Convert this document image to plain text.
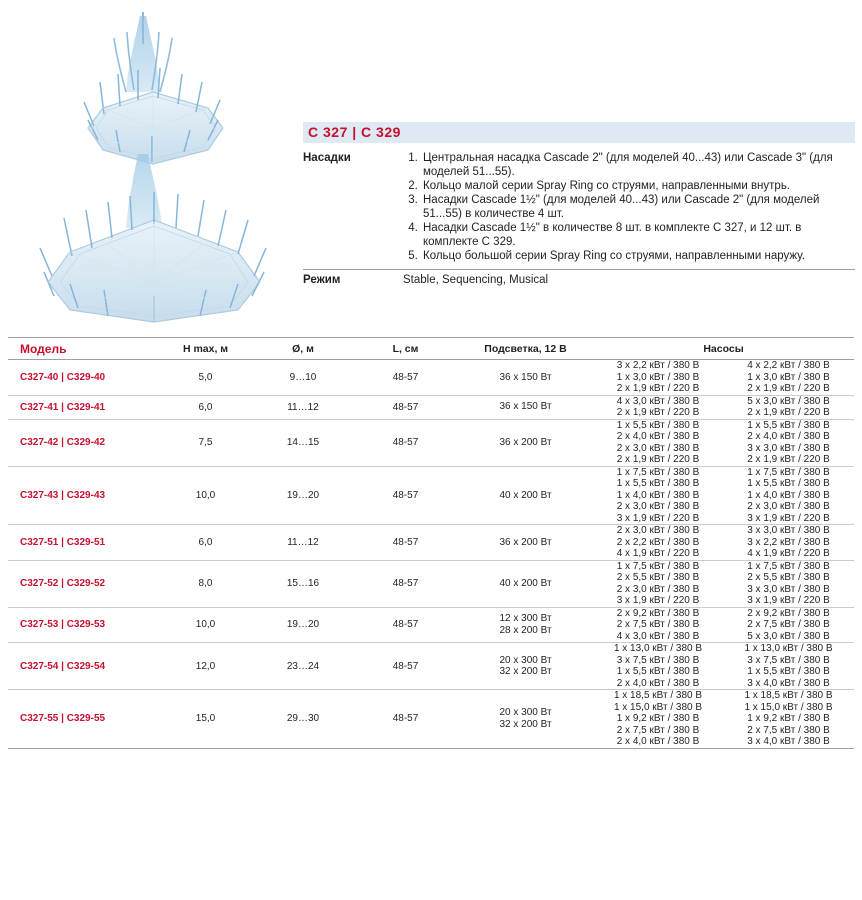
C 327 | C 329
Насадки	1. Центральная насадка Cascade 2" (для моделей 40...43) или Cascade 3" (для моделей 51...55).
2. Кольцо малой серии Spray Ring со струями, направленными внутрь.
3. Насадки Cascade 1½" (для моделей 40...43) или Cascade 2" (для моделей 51...55) в количестве 4 шт.
4. Насадки Cascade 1½" в количестве 8 шт. в комплекте C 327, и 12 шт. в комплекте C 329.
5. Кольцо большой серии Spray Ring со струями, направленными наружу.
Режим	Stable, Sequencing, Musical
Модель	H max, м	Ø, м	L, см	Подсветка, 12 В	Насосы	
C327-40 | C329-40	5,0	9…10	48-57	36 x 150 Вт

3 x 2,2 кВт / 380 В
1 x 3,0 кВт / 380 В
2 x 1,9 кВт / 220 В

4 x 2,2 кВт / 380 В
1 x 3,0 кВт / 380 В
2 x 1,9 кВт / 220 В

C327-41 | C329-41	6,0	11…12	48-57	36 x 150 Вт

4 x 3,0 кВт / 380 В
2 x 1,9 кВт / 220 В

5 x 3,0 кВт / 380 В
2 x 1,9 кВт / 220 В

C327-42 | C329-42	7,5	14…15	48-57	36 x 200 Вт

1 x 5,5 кВт / 380 В
2 x 4,0 кВт / 380 В
2 x 3,0 кВт / 380 В
2 x 1,9 кВт / 220 В

1 x 5,5 кВт / 380 В
2 x 4,0 кВт / 380 В
3 x 3,0 кВт / 380 В
2 x 1,9 кВт / 220 В

C327-43 | C329-43	10,0	19…20	48-57	40 x 200 Вт

1 x 7,5 кВт / 380 В
1 x 5,5 кВт / 380 В
1 x 4,0 кВт / 380 В
2 x 3,0 кВт / 380 В
3 x 1,9 кВт / 220 В

1 x 7,5 кВт / 380 В
1 x 5,5 кВт / 380 В
1 x 4,0 кВт / 380 В
2 x 3,0 кВт / 380 В
3 x 1,9 кВт / 220 В

C327-51 | C329-51	6,0	11…12	48-57	36 x 200 Вт

2 x 3,0 кВт / 380 В
2 x 2,2 кВт / 380 В
4 x 1,9 кВт / 220 В

3 x 3,0 кВт / 380 В
3 x 2,2 кВт / 380 В
4 x 1,9 кВт / 220 В

C327-52 | C329-52	8,0	15…16	48-57	40 x 200 Вт

1 x 7,5 кВт / 380 В
2 x 5,5 кВт / 380 В
2 x 3,0 кВт / 380 В
3 x 1,9 кВт / 220 В

1 x 7,5 кВт / 380 В
2 x 5,5 кВт / 380 В
3 x 3,0 кВт / 380 В
3 x 1,9 кВт / 220 В

C327-53 | C329-53	10,0	19…20	48-57	
12 x 300 Вт
28 x 200 Вт

2 x 9,2 кВт / 380 В
2 x 7,5 кВт / 380 В
4 x 3,0 кВт / 380 В

2 x 9,2 кВт / 380 В
2 x 7,5 кВт / 380 В
5 x 3,0 кВт / 380 В

C327-54 | C329-54	12,0	23…24	48-57	
20 x 300 Вт
32 x 200 Вт

1 x 13,0 кВт / 380 В
3 x 7,5 кВт / 380 В
1 x 5,5 кВт / 380 В
2 x 4,0 кВт / 380 В

1 x 13,0 кВт / 380 В
3 x 7,5 кВт / 380 В
1 x 5,5 кВт / 380 В
3 x 4,0 кВт / 380 В

C327-55 | C329-55	15,0	29…30	48-57	
20 x 300 Вт
32 x 200 Вт

1 x 18,5 кВт / 380 В
1 x 15,0 кВт / 380 В
1 x 9,2 кВт / 380 В
2 x 7,5 кВт / 380 В
2 x 4,0 кВт / 380 В

1 x 18,5 кВт / 380 В
1 x 15,0 кВт / 380 В
1 x 9,2 кВт / 380 В
2 x 7,5 кВт / 380 В
3 x 4,0 кВт / 380 В
